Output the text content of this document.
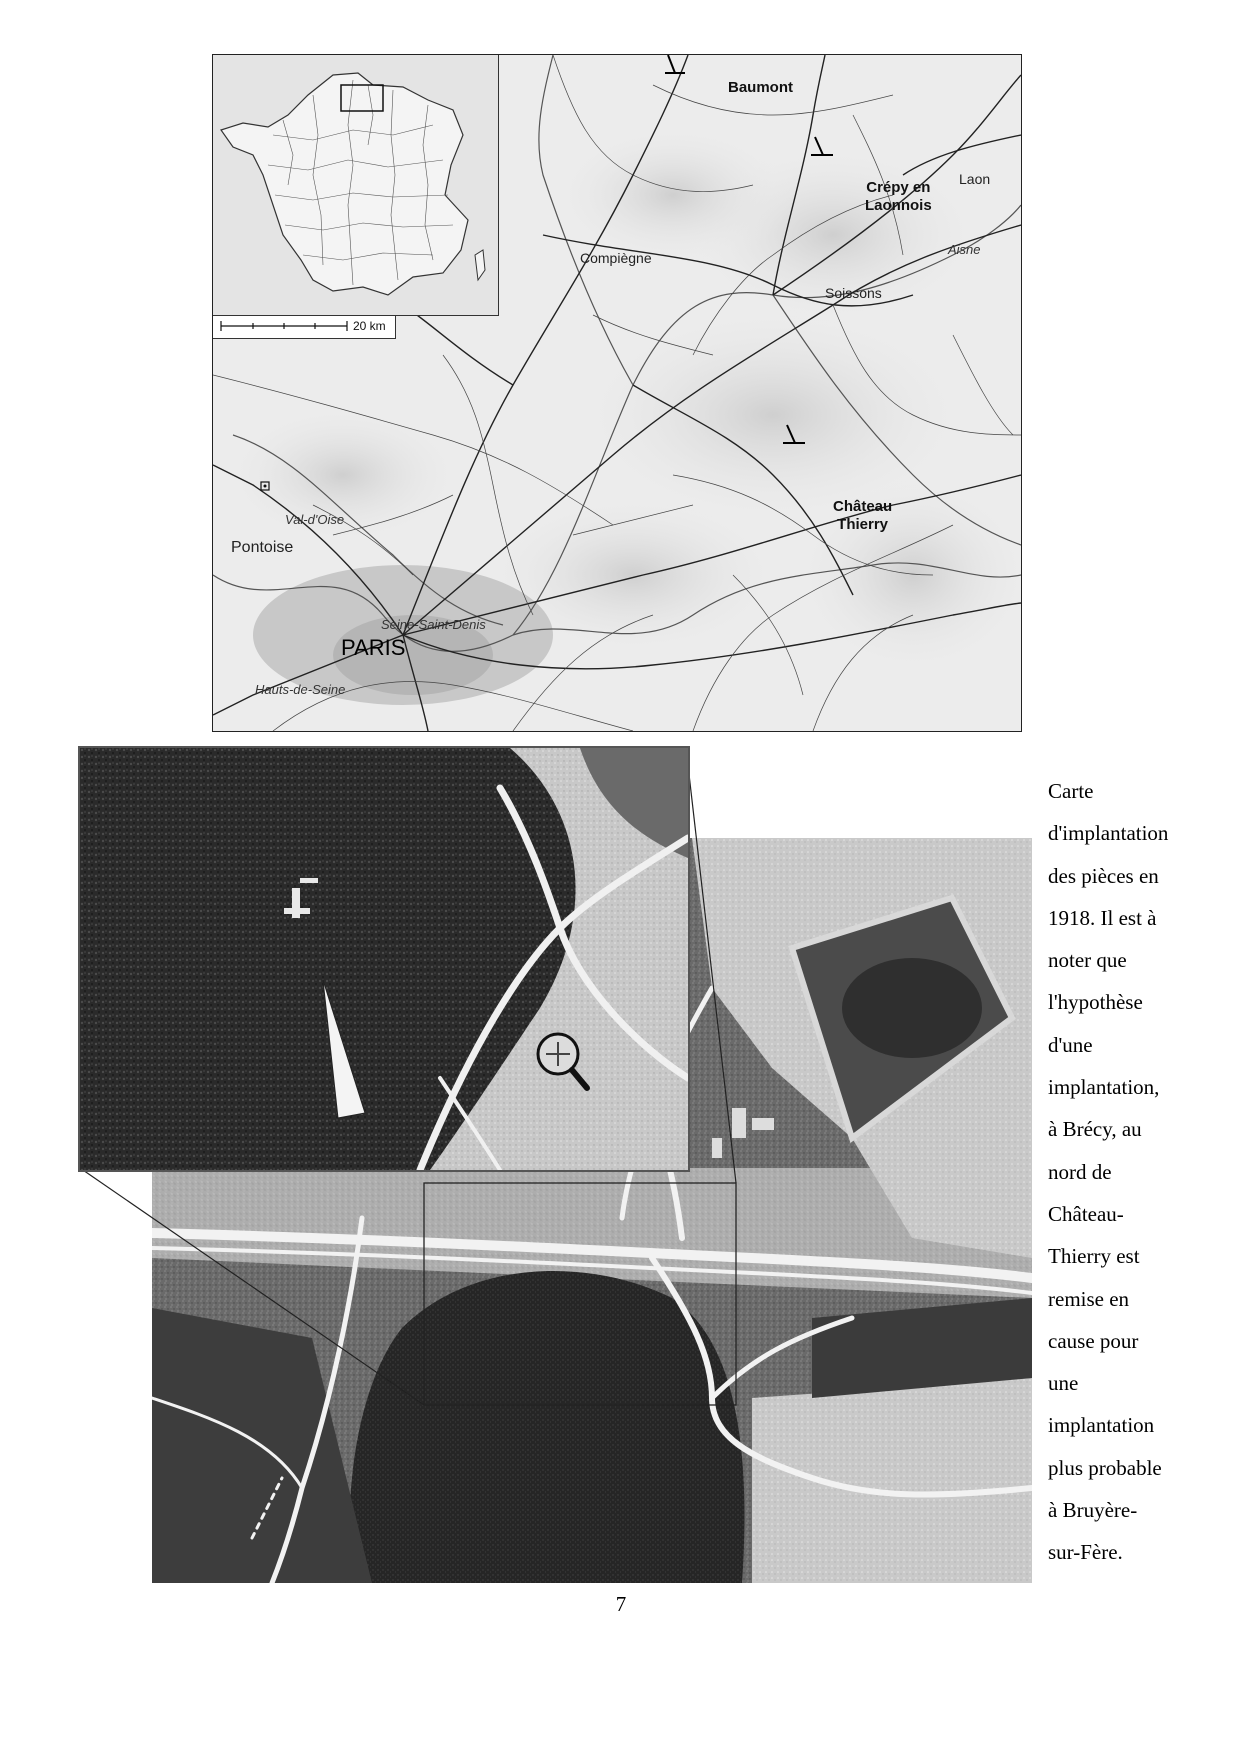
20 km
Baumont
Crépy en
Laonnois
Laon
Aisne
Compiègne
Soissons
Château
Thierry
Val-d'Oise
Pontoise
Seine-Saint-Denis
PARIS
Hauts-de-Seine
Carte
d'implantation
des pièces en
1918. Il est à
noter que
l'hypothèse
d'une
implantation,
à Brécy, au
nord de
Château-
Thierry est
remise en
cause pour
une
implantation
plus probable
à Bruyère-
sur-Fère.
7
